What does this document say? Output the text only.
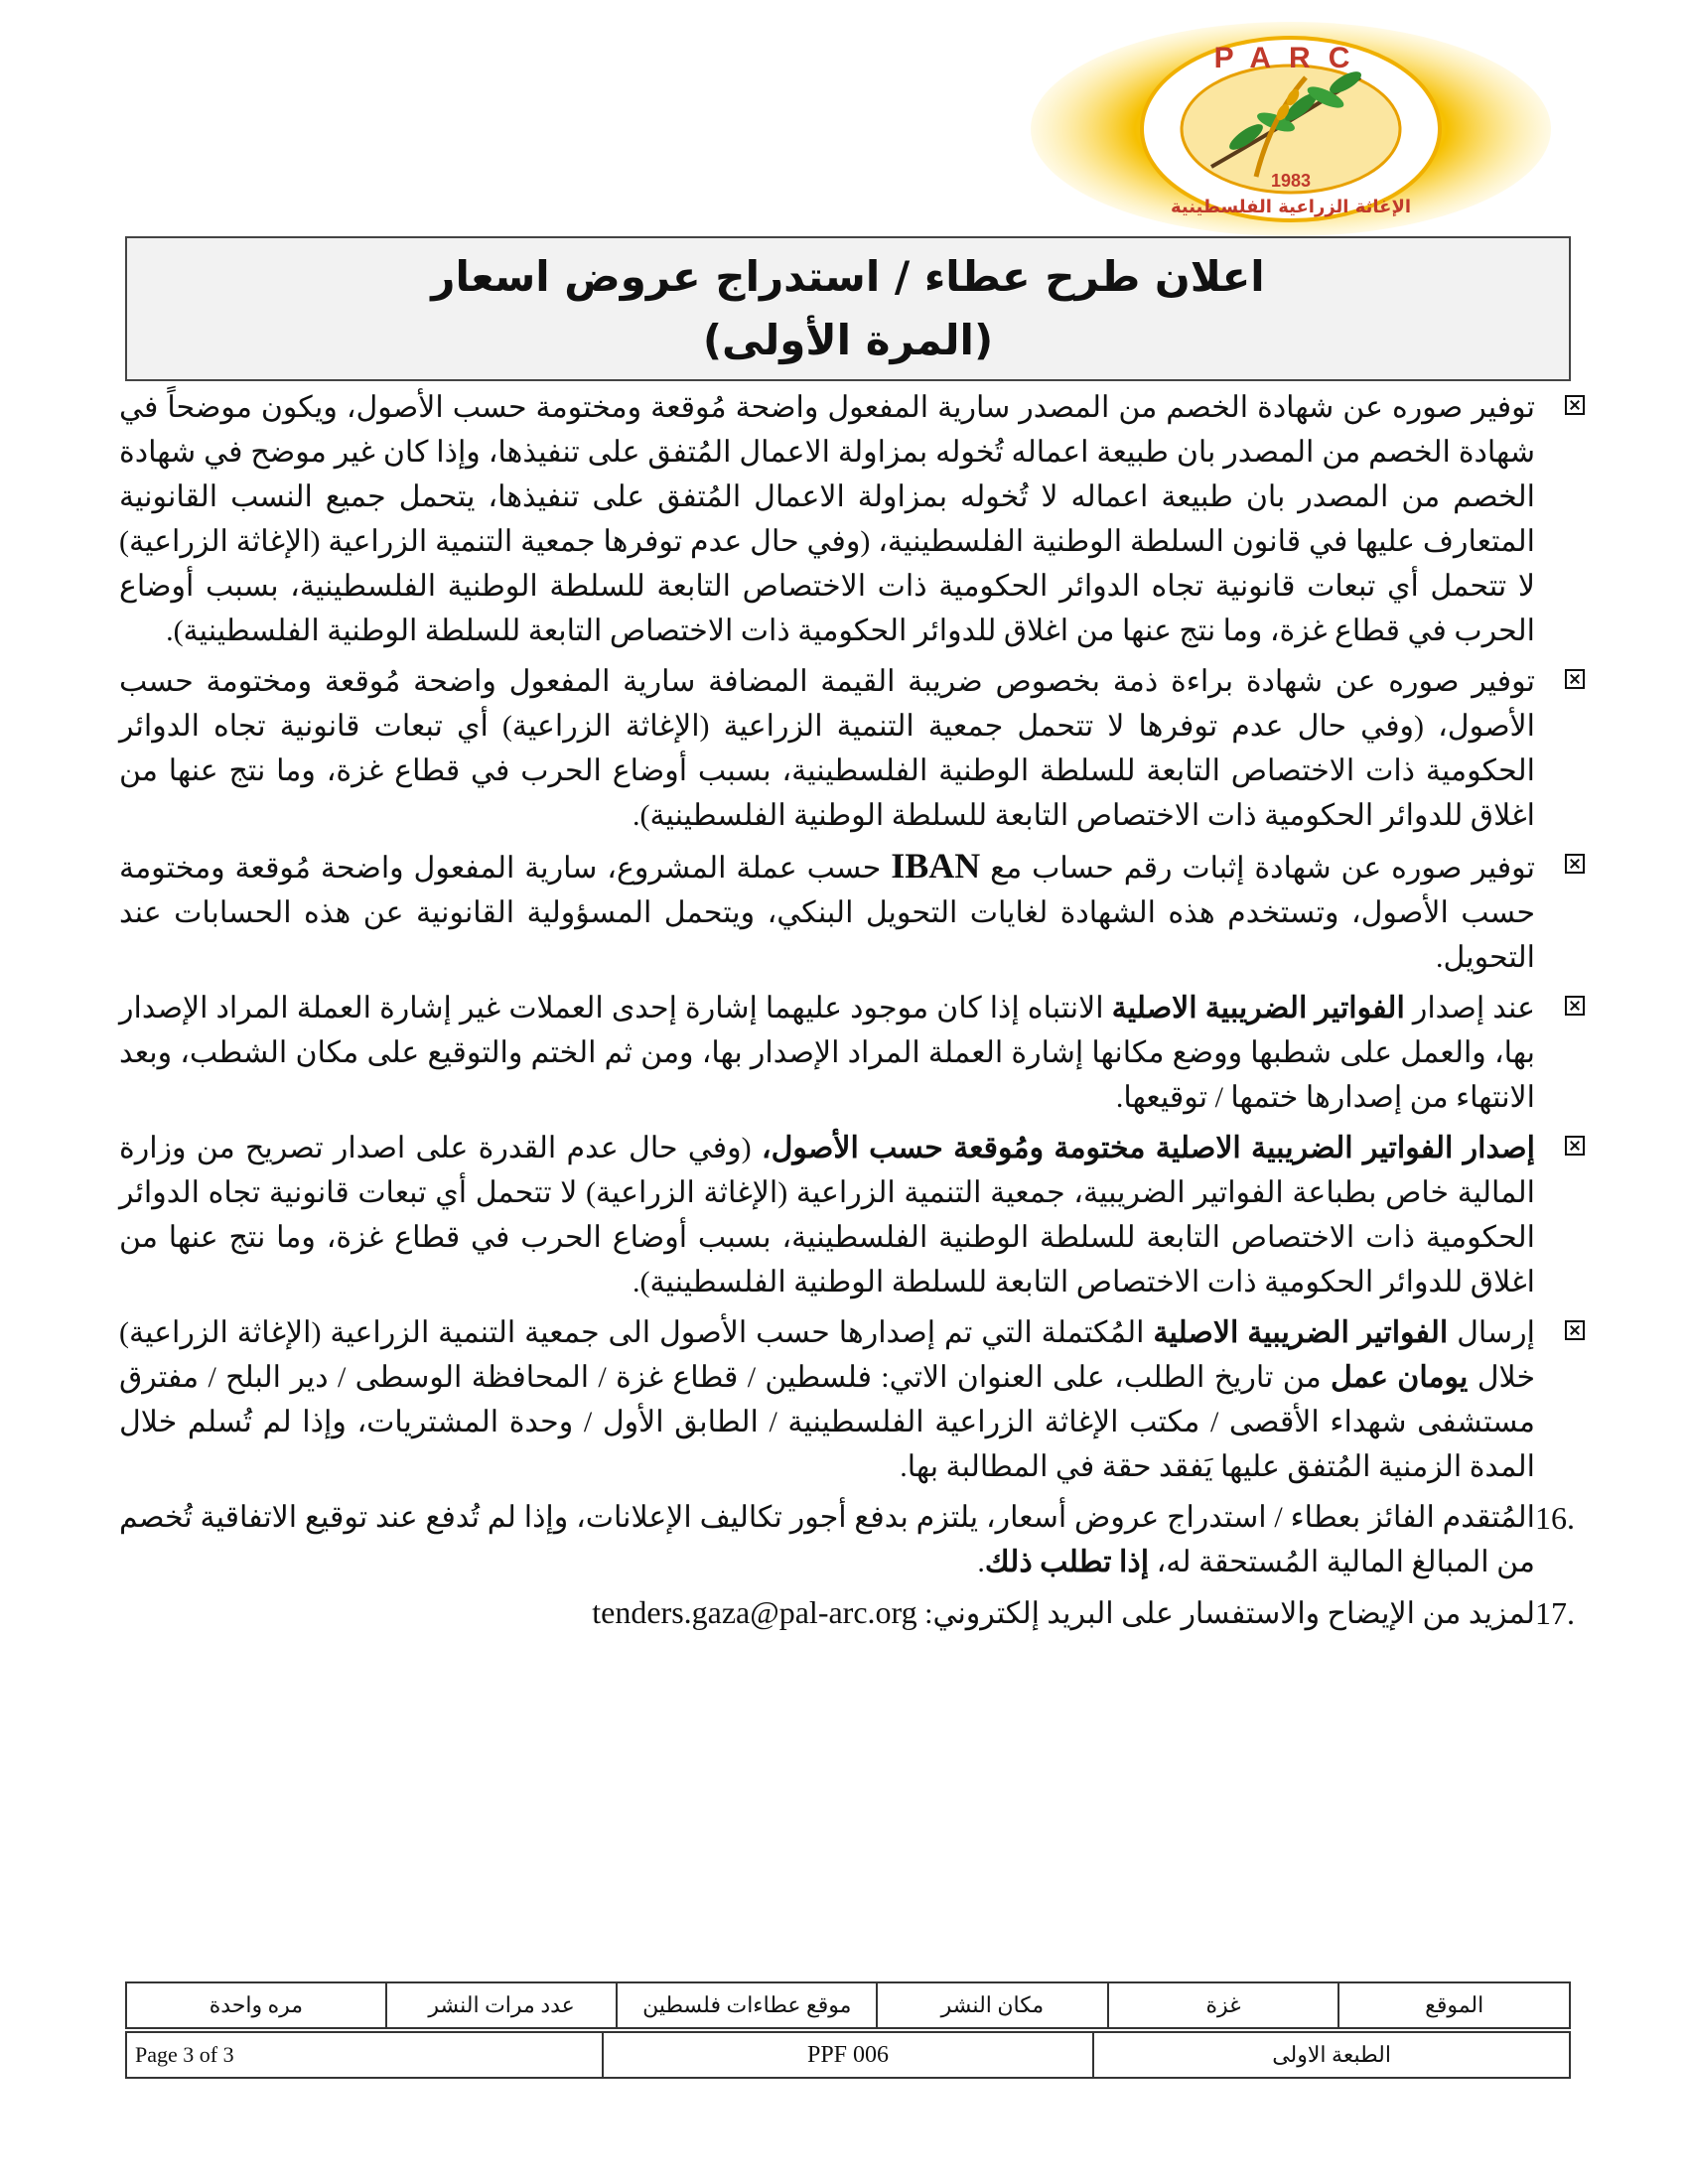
PARC
1983
الإغاثة الزراعية الفلسطينية
اعلان طرح عطاء / استدراج عروض اسعار
(المرة الأولى)
توفير صوره عن شهادة الخصم من المصدر سارية المفعول واضحة مُوقعة ومختومة حسب الأصول، ويكون موضحاً في شهادة الخصم من المصدر بان طبيعة اعماله تُخوله بمزاولة الاعمال المُتفق على تنفيذها، وإذا كان غير موضح في شهادة الخصم من المصدر بان طبيعة اعماله لا تُخوله بمزاولة الاعمال المُتفق على تنفيذها، يتحمل جميع النسب القانونية المتعارف عليها في قانون السلطة الوطنية الفلسطينية، (وفي حال عدم توفرها جمعية التنمية الزراعية (الإغاثة الزراعية) لا تتحمل أي تبعات قانونية تجاه الدوائر الحكومية ذات الاختصاص التابعة للسلطة الوطنية الفلسطينية، بسبب أوضاع الحرب في قطاع غزة، وما نتج عنها من اغلاق للدوائر الحكومية ذات الاختصاص التابعة للسلطة الوطنية الفلسطينية).
توفير صوره عن شهادة براءة ذمة بخصوص ضريبة القيمة المضافة سارية المفعول واضحة مُوقعة ومختومة حسب الأصول، (وفي حال عدم توفرها لا تتحمل جمعية التنمية الزراعية (الإغاثة الزراعية) أي تبعات قانونية تجاه الدوائر الحكومية ذات الاختصاص التابعة للسلطة الوطنية الفلسطينية، بسبب أوضاع الحرب في قطاع غزة، وما نتج عنها من اغلاق للدوائر الحكومية ذات الاختصاص التابعة للسلطة الوطنية الفلسطينية).
توفير صوره عن شهادة إثبات رقم حساب مع IBAN حسب عملة المشروع، سارية المفعول واضحة مُوقعة ومختومة حسب الأصول، وتستخدم هذه الشهادة لغايات التحويل البنكي، ويتحمل المسؤولية القانونية عن هذه الحسابات عند التحويل.
عند إصدار الفواتير الضريبية الاصلية الانتباه إذا كان موجود عليهما إشارة إحدى العملات غير إشارة العملة المراد الإصدار بها، والعمل على شطبها ووضع مكانها إشارة العملة المراد الإصدار بها، ومن ثم الختم والتوقيع على مكان الشطب، وبعد الانتهاء من إصدارها ختمها / توقيعها.
إصدار الفواتير الضريبية الاصلية مختومة ومُوقعة حسب الأصول، (وفي حال عدم القدرة على اصدار تصريح من وزارة المالية خاص بطباعة الفواتير الضريبية، جمعية التنمية الزراعية (الإغاثة الزراعية) لا تتحمل أي تبعات قانونية تجاه الدوائر الحكومية ذات الاختصاص التابعة للسلطة الوطنية الفلسطينية، بسبب أوضاع الحرب في قطاع غزة، وما نتج عنها من اغلاق للدوائر الحكومية ذات الاختصاص التابعة للسلطة الوطنية الفلسطينية).
إرسال الفواتير الضريبية الاصلية المُكتملة التي تم إصدارها حسب الأصول الى جمعية التنمية الزراعية (الإغاثة الزراعية) خلال يومان عمل من تاريخ الطلب، على العنوان الاتي: فلسطين / قطاع غزة / المحافظة الوسطى / دير البلح / مفترق مستشفى شهداء الأقصى / مكتب الإغاثة الزراعية الفلسطينية / الطابق الأول / وحدة المشتريات، وإذا لم تُسلم خلال المدة الزمنية المُتفق عليها يَفقد حقة في المطالبة بها.
16.
المُتقدم الفائز بعطاء / استدراج عروض أسعار، يلتزم بدفع أجور تكاليف الإعلانات، وإذا لم تُدفع عند توقيع الاتفاقية تُخصم من المبالغ المالية المُستحقة له، إذا تطلب ذلك.
17.
لمزيد من الإيضاح والاستفسار على البريد إلكتروني: tenders.gaza@pal-arc.org
الموقع	غزة	مكان النشر	موقع عطاءات فلسطين	عدد مرات النشر	مره واحدة
الطبعة الاولى	PPF 006	Page 3 of 3
